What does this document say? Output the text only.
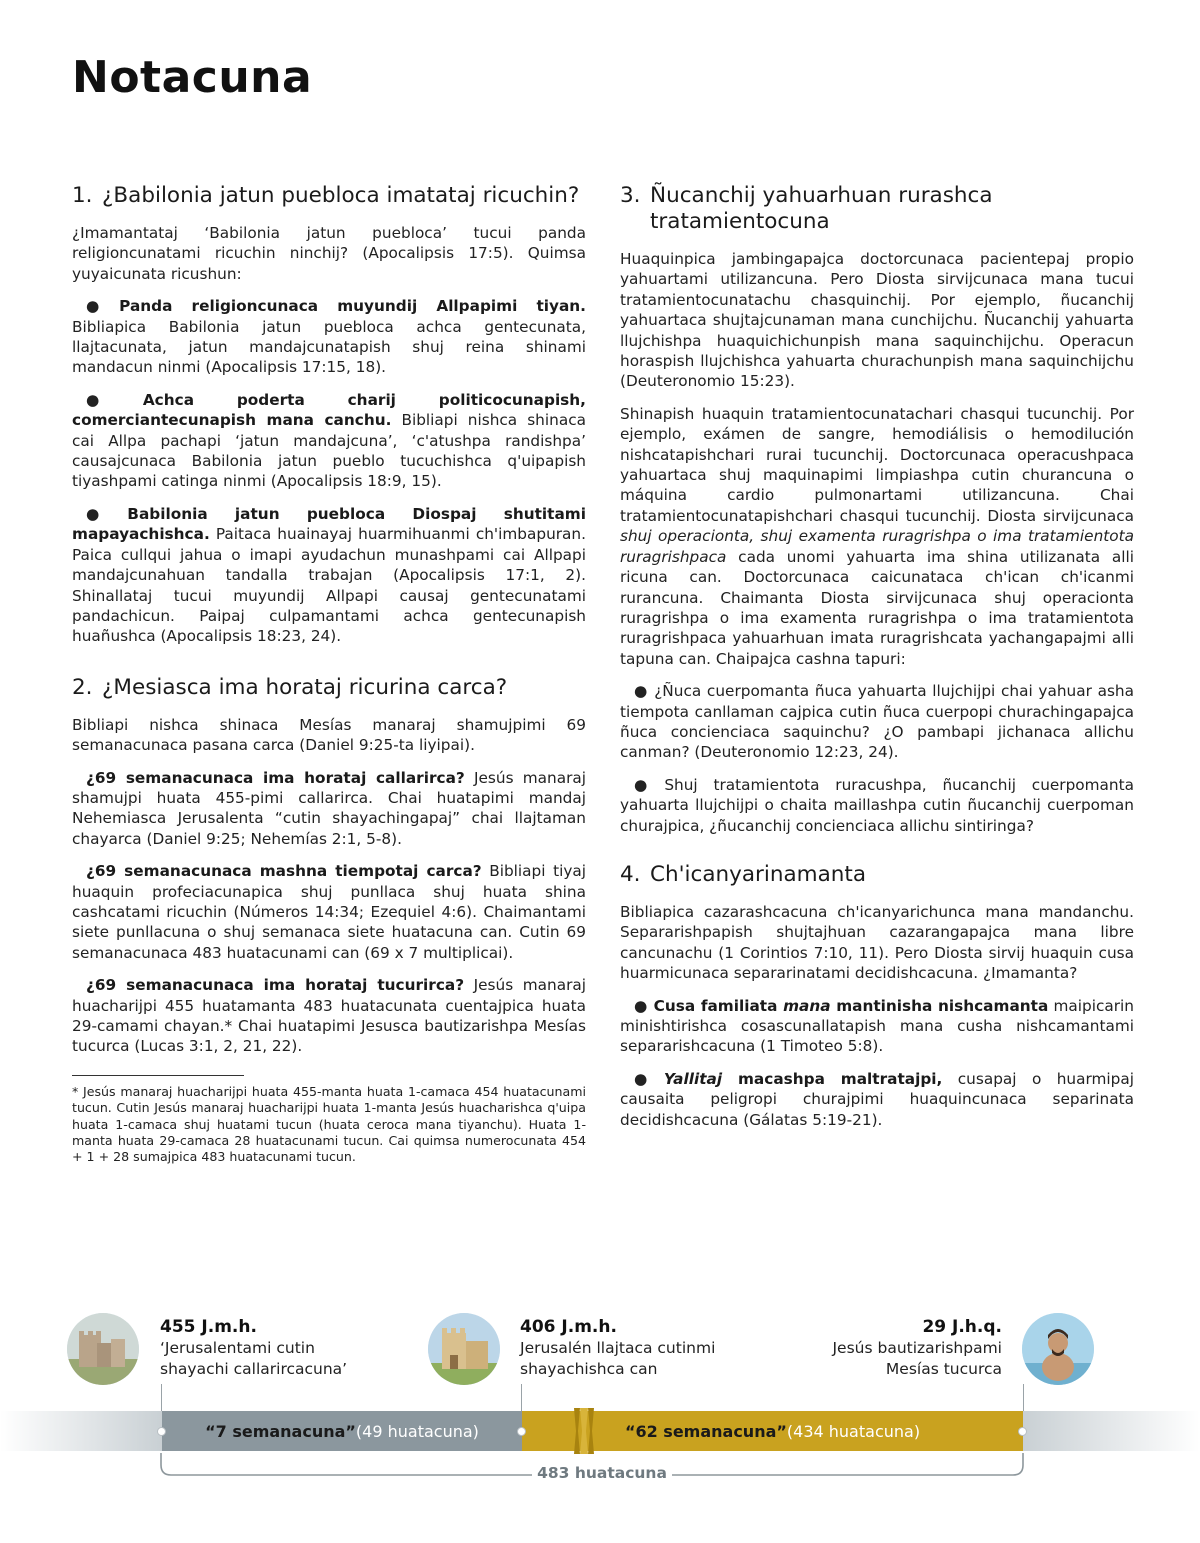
Notacuna
1. ¿Babilonia jatun puebloca imatataj ricuchin?

¿Imamantataj ‘Babilonia jatun puebloca’ tucui panda religioncunatami ricuchin ninchij? (Apocalipsis 17:5). Quimsa yuyaicunata ricushun:

● Panda religioncunaca muyundij Allpapimi tiyan. Bibliapica Babilonia jatun puebloca achca gentecunata, llajtacunata, jatun mandajcunatapish shuj reina shinami mandacun ninmi (Apocalipsis 17:15, 18).

● Achca poderta charij politicocunapish, comerciantecunapish mana canchu. Bibliapi nishca shinaca cai Allpa pachapi ‘jatun mandajcuna’, ‘c'atushpa randishpa’ causajcunaca Babilonia jatun pueblo tucuchishca q'uipapish tiyashpami catinga ninmi (Apocalipsis 18:9, 15).

● Babilonia jatun puebloca Diospaj shutitami mapayachishca. Paitaca huainayaj huarmihuanmi ch'imbapuran. Paica cullqui jahua o imapi ayudachun munashpami cai Allpapi mandajcunahuan tandalla trabajan (Apocalipsis 17:1, 2). Shinallataj tucui muyundij Allpapi causaj gentecunatami pandachicun. Paipaj culpamantami achca gentecunapish huañushca (Apocalipsis 18:23, 24).

2. ¿Mesiasca ima horataj ricurina carca?

Bibliapi nishca shinaca Mesías manaraj shamujpimi 69 semanacunaca pasana carca (Daniel 9:25-ta liyipai).

¿69 semanacunaca ima horataj callarirca? Jesús manaraj shamujpi huata 455-pimi callarirca. Chai huatapimi mandaj Nehemiasca Jerusalenta “cutin shayachingapaj” chai llajtaman chayarca (Daniel 9:25; Nehemías 2:1, 5-8).

¿69 semanacunaca mashna tiempotaj carca? Bibliapi tiyaj huaquin profeciacunapica shuj punllaca shuj huata shina cashcatami ricuchin (Números 14:34; Ezequiel 4:6). Chaimantami siete punllacuna o shuj semanaca siete huatacuna can. Cutin 69 semanacunaca 483 huatacunami can (69 x 7 multiplicai).

¿69 semanacunaca ima horataj tucurirca? Jesús manaraj huacharijpi 455 huatamanta 483 huatacunata cuentajpica huata 29-camami chayan.* Chai huatapimi Jesusca bautizarishpa Mesías tucurca (Lucas 3:1, 2, 21, 22).

* Jesús manaraj huacharijpi huata 455-manta huata 1-camaca 454 huatacunami tucun. Cutin Jesús manaraj huacharijpi huata 1-manta Jesús huacharishca q'uipa huata 1-camaca shuj huatami tucun (huata ceroca mana tiyanchu). Huata 1-manta huata 29-camaca 28 huatacunami tucun. Cai quimsa numerocunata 454 + 1 + 28 sumajpica 483 huatacunami tucun.
3. Ñucanchij yahuarhuan rurashca tratamientocuna

Huaquinpica jambingapajca doctorcunaca pacientepaj propio yahuartami utilizancuna. Pero Diosta sirvijcunaca mana tucui tratamientocunatachu chasquinchij. Por ejemplo, ñucanchij yahuartaca shujtajcunaman mana cunchijchu. Ñucanchij yahuarta llujchishpa huaquichichunpish mana saquinchijchu. Operacun horaspish llujchishca yahuarta churachunpish mana saquinchijchu (Deuteronomio 15:23).

Shinapish huaquin tratamientocunatachari chasqui tucunchij. Por ejemplo, exámen de sangre, hemodiálisis o hemodilución nishcatapishchari rurai tucunchij. Doctorcunaca operacushpaca yahuartaca shuj maquinapimi limpiashpa cutin churancuna o máquina cardio pulmonartami utilizancuna. Chai tratamientocunatapishchari chasqui tucunchij. Diosta sirvijcunaca shuj operacionta, shuj examenta ruragrishpa o ima tratamientota ruragrishpaca cada unomi yahuarta ima shina utilizanata alli ricuna can. Doctorcunaca caicunataca ch'ican ch'icanmi rurancuna. Chaimanta Diosta sirvijcunaca shuj operacionta ruragrishpa o ima examenta ruragrishpa o ima tratamientota ruragrishpaca yahuarhuan imata ruragrishcata yachangapajmi alli tapuna can. Chaipajca cashna tapuri:

● ¿Ñuca cuerpomanta ñuca yahuarta llujchijpi chai yahuar asha tiempota canllaman cajpica cutin ñuca cuerpopi churachingapajca ñuca concienciaca saquinchu? ¿O pambapi jichanaca allichu canman? (Deuteronomio 12:23, 24).

● Shuj tratamientota ruracushpa, ñucanchij cuerpomanta yahuarta llujchijpi o chaita maillashpa cutin ñucanchij cuerpoman churajpica, ¿ñucanchij concienciaca allichu sintiringa?

4. Ch'icanyarinamanta

Bibliapica cazarashcacuna ch'icanyarichunca mana mandanchu. Separarishpapish shujtajhuan cazarangapajca mana libre cancunachu (1 Corintios 7:10, 11). Pero Diosta sirvij huaquin cusa huarmicunaca separarinatami decidishcacuna. ¿Imamanta?

● Cusa familiata mana mantinisha nishcamanta maipicarin minishtirishca cosascunallatapish mana cusha nishcamantami separarishcacuna (1 Timoteo 5:8).

● Yallitaj macashpa maltratajpi, cusapaj o huarmipaj causaita peligropi churajpimi huaquincunaca separinata decidishcacuna (Gálatas 5:19-21).

455 J.m.h.
‘Jerusalentami cutin
shayachi callarircacuna’
406 J.m.h.
Jerusalén llajtaca cutinmi
shayachishca can
29 J.h.q.
Jesús bautizarishpami
Mesías tucurca
“7 semanacuna” (49 huatacuna)	“62 semanacuna” (434 huatacuna)
483 huatacuna
